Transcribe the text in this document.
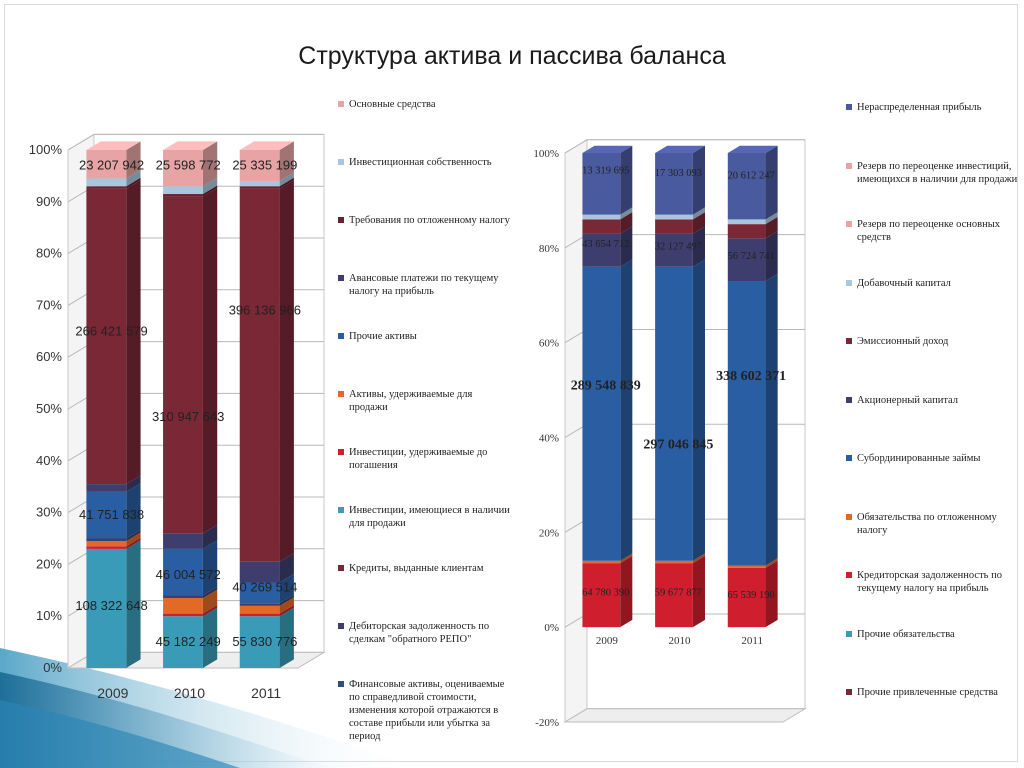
Структура актива и пассива баланса
0%
10%
20%
30%
40%
50%
60%
70%
80%
90%
100%
2009	2010	2011
108 322 648
41 751 838
266 421 579
23 207 942
45 182 249
46 004 572
310 947 643
25 598 772
55 830 776
40 269 514
396 136 966
25 335 199
-20%
0%
20%
40%
60%
80%
100%
2009	2010	2011
64 780 390
289 548 839
43 654 712
13 319 695
59 677 877
297 046 845
32 127 497
17 303 093
65 539 190
338 602 371
56 724 741
20 612 247
Основные средства
Инвестиционная собственность
Требования по отложенному налогу
Авансовые платежи по текущему налогу на прибыль
Прочие активы
Активы, удерживаемые для продажи
Инвестиции, удерживаемые до погашения
Инвестиции, имеющиеся в наличии для продажи
Кредиты, выданные клиентам
Дебиторская задолженность по сделкам "обратного РЕПО"
Финансовые активы, оцениваемые по справедливой стоимости, изменения которой отражаются в составе прибыли или убытка за период
Нераспределенная прибыль
Резерв по переоценке инвестиций, имеющихся в наличии для продажи
Резерв по переоценке основных средств
Добавочный капитал
Эмиссионный доход
Акционерный капитал
Субординированные займы
Обязательства по отложенному налогу
Кредиторская задолженность по текущему налогу на прибыль
Прочие обязательства
Прочие привлеченные средства
